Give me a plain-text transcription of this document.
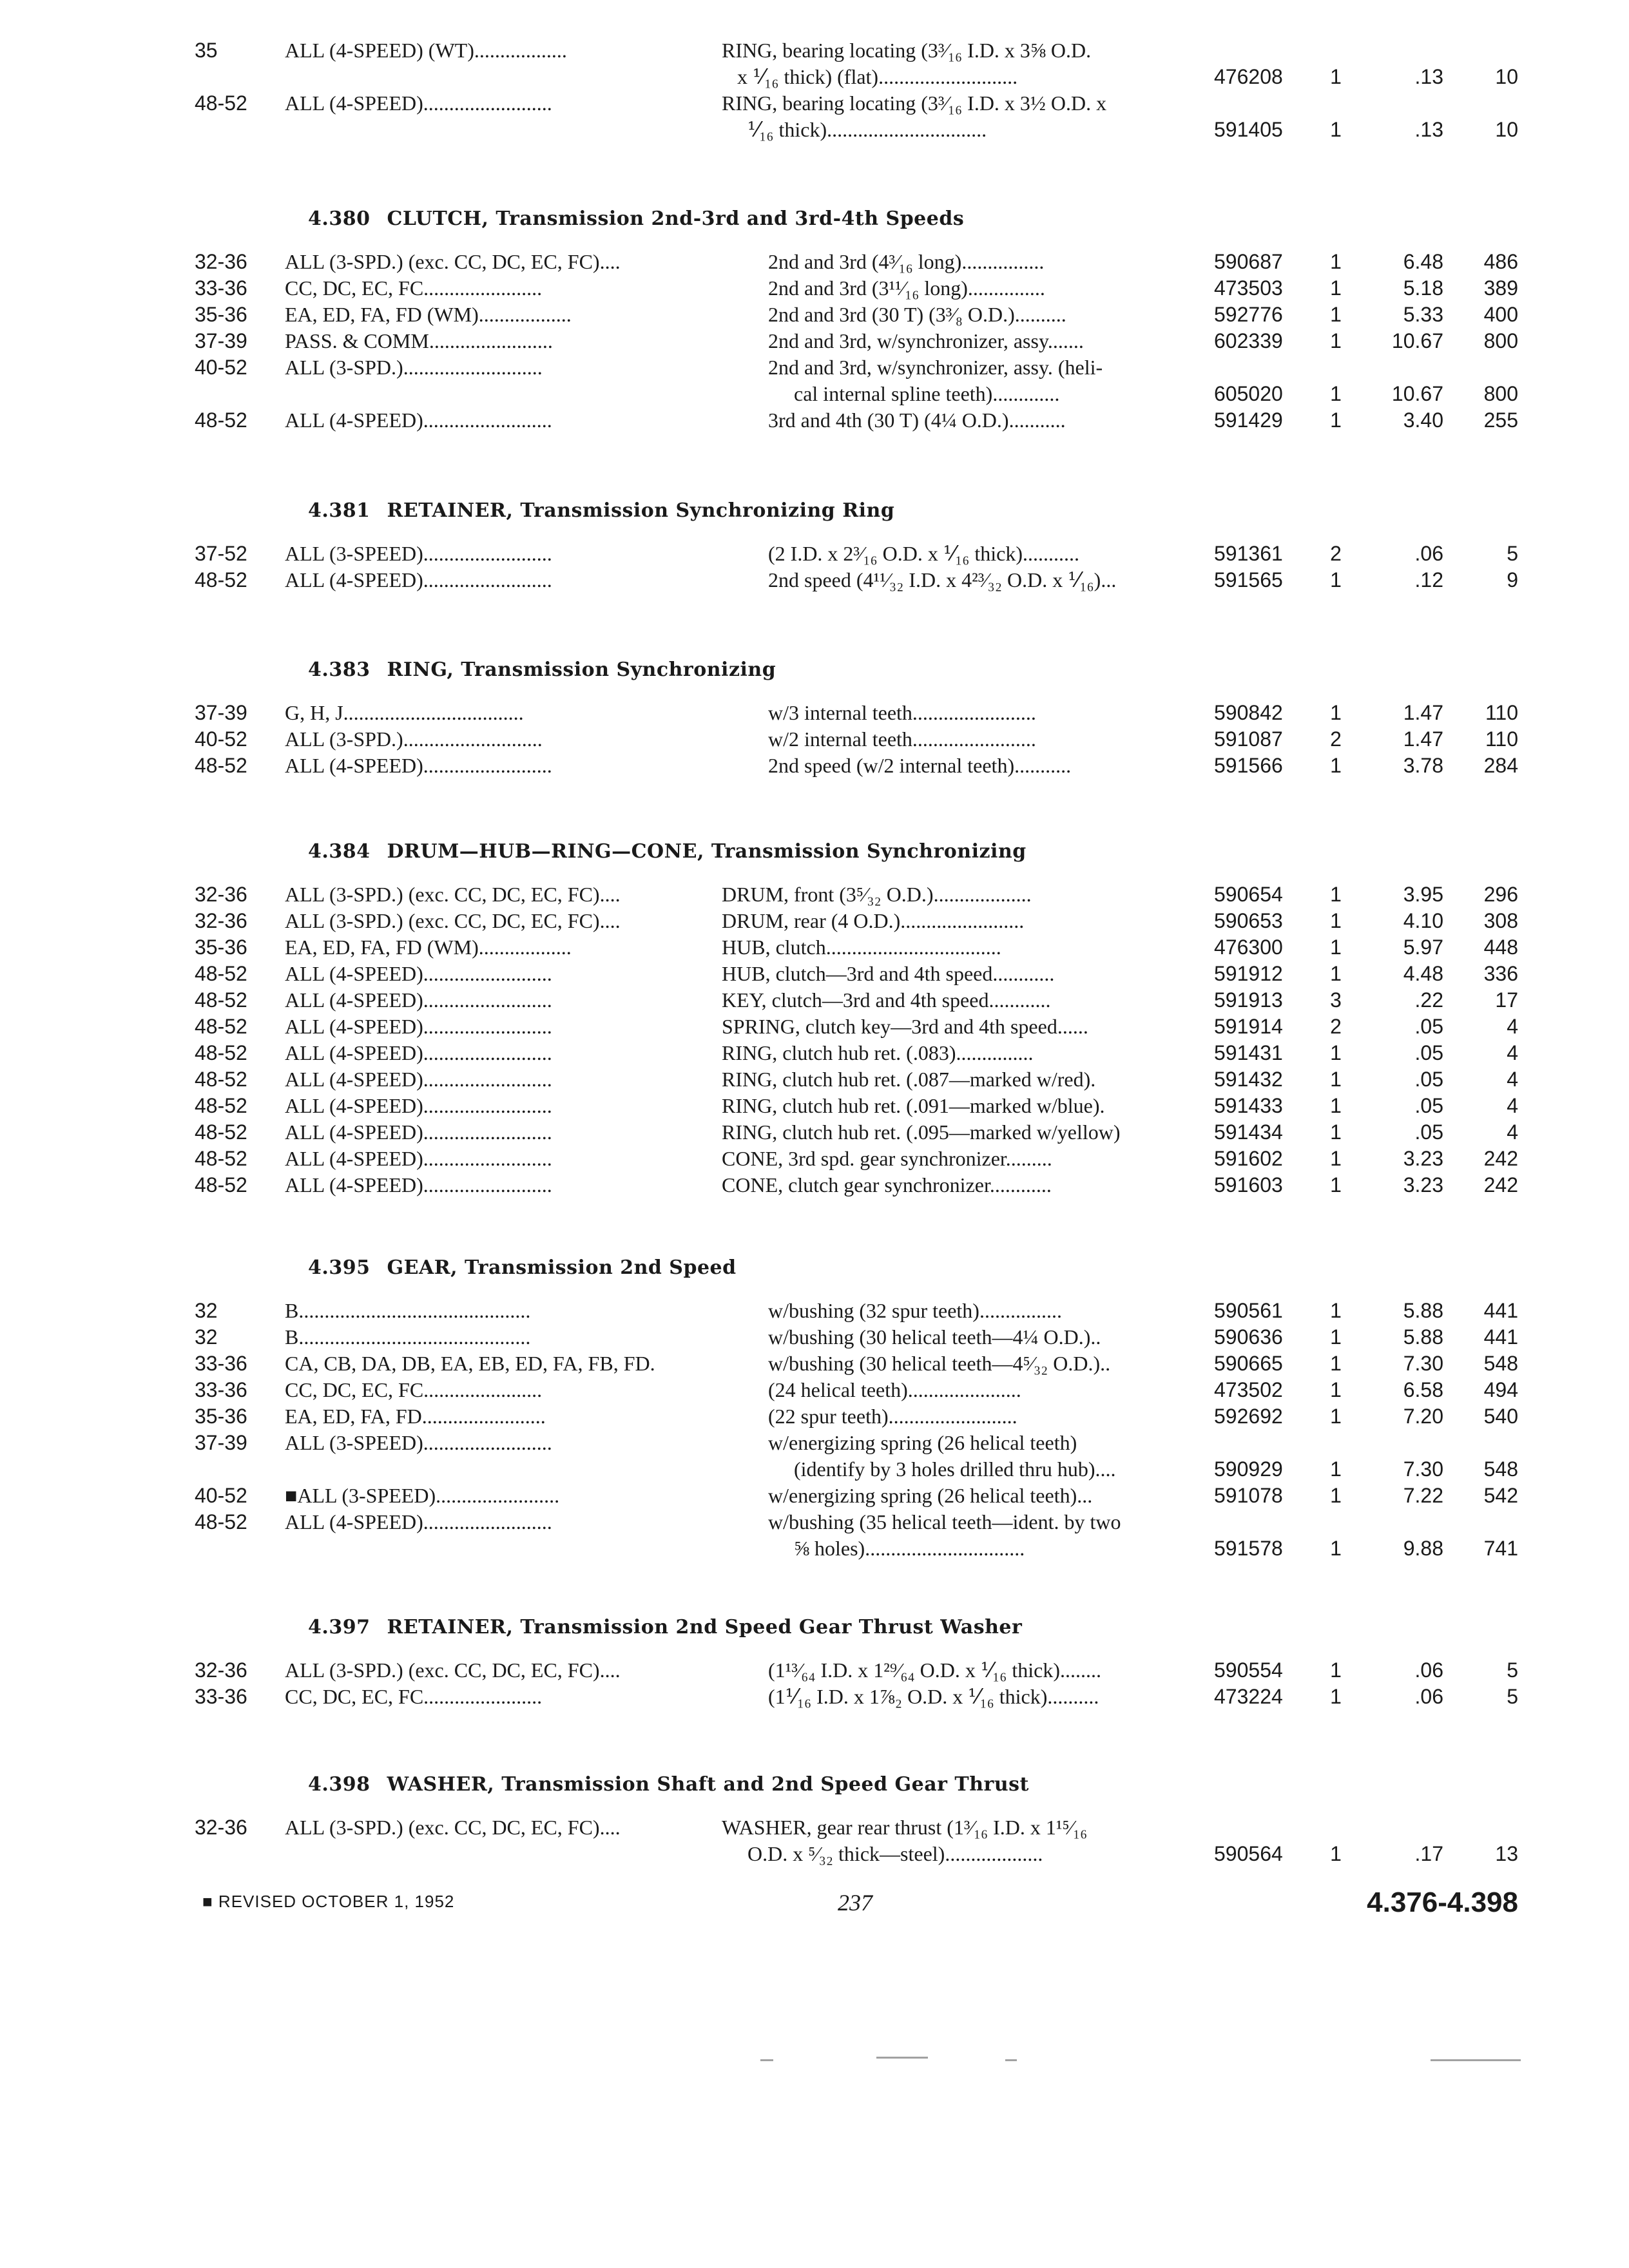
35	ALL (4-SPEED) (WT)..................	RING, bearing locating (3³⁄₁₆ I.D. x 3⅝ O.D.
x ⅟₁₆ thick) (flat)...........................	476208 1	.13	10
48-52 ALL (4-SPEED).........................	RING, bearing locating (3³⁄₁₆ I.D. x 3½ O.D. x
⅟₁₆ thick)...............................	591405 1	.13	10
4.380 CLUTCH, Transmission 2nd-3rd and 3rd-4th Speeds
32-36 ALL (3-SPD.) (exc. CC, DC, EC, FC)....	2nd and 3rd (4³⁄₁₆ long)................	590687 1	6.48	486
33-36 CC, DC, EC, FC.......................	2nd and 3rd (3¹¹⁄₁₆ long)...............	473503 1	5.18	389
35-36 EA, ED, FA, FD (WM)..................	2nd and 3rd (30 T) (3³⁄₈ O.D.)..........	592776 1	5.33	400
37-39 PASS. & COMM........................	2nd and 3rd, w/synchronizer, assy.......	602339 1	10.67	800
40-52 ALL (3-SPD.)...........................	2nd and 3rd, w/synchronizer, assy. (heli-
cal internal spline teeth).............	605020 1	10.67	800
48-52 ALL (4-SPEED).........................	3rd and 4th (30 T) (4¼ O.D.)...........	591429 1	3.40	255
4.381 RETAINER, Transmission Synchronizing Ring
37-52 ALL (3-SPEED).........................	(2 I.D. x 2³⁄₁₆ O.D. x ⅟₁₆ thick)...........	591361 2	.06	5
48-52 ALL (4-SPEED).........................	2nd speed (4¹¹⁄₃₂ I.D. x 4²³⁄₃₂ O.D. x ⅟₁₆)...	591565 1	.12	9
4.383 RING, Transmission Synchronizing
37-39 G, H, J...................................	w/3 internal teeth........................	590842 1	1.47	110
40-52 ALL (3-SPD.)...........................	w/2 internal teeth........................	591087 2	1.47	110
48-52 ALL (4-SPEED).........................	2nd speed (w/2 internal teeth)...........	591566 1	3.78	284
4.384 DRUM—HUB—RING—CONE, Transmission Synchronizing
32-36 ALL (3-SPD.) (exc. CC, DC, EC, FC)....	DRUM, front (3⁵⁄₃₂ O.D.)...................	590654 1	3.95	296
32-36 ALL (3-SPD.) (exc. CC, DC, EC, FC)....	DRUM, rear (4 O.D.)........................	590653 1	4.10	308
35-36 EA, ED, FA, FD (WM)..................	HUB, clutch..................................	476300 1	5.97	448
48-52 ALL (4-SPEED).........................	HUB, clutch—3rd and 4th speed............	591912 1	4.48	336
48-52 ALL (4-SPEED).........................	KEY, clutch—3rd and 4th speed............	591913 3	.22	17
48-52 ALL (4-SPEED).........................	SPRING, clutch key—3rd and 4th speed......	591914 2	.05	4
48-52 ALL (4-SPEED).........................	RING, clutch hub ret. (.083)...............	591431 1	.05	4
48-52 ALL (4-SPEED).........................	RING, clutch hub ret. (.087—marked w/red).	591432 1	.05	4
48-52 ALL (4-SPEED).........................	RING, clutch hub ret. (.091—marked w/blue).	591433 1	.05	4
48-52 ALL (4-SPEED).........................	RING, clutch hub ret. (.095—marked w/yellow)	591434 1	.05	4
48-52 ALL (4-SPEED).........................	CONE, 3rd spd. gear synchronizer.........	591602 1	3.23	242
48-52 ALL (4-SPEED).........................	CONE, clutch gear synchronizer............	591603 1	3.23	242
4.395 GEAR, Transmission 2nd Speed
32	B.............................................	w/bushing (32 spur teeth)................	590561 1	5.88	441
32	B.............................................	w/bushing (30 helical teeth—4¼ O.D.)..	590636 1	5.88	441
33-36 CA, CB, DA, DB, EA, EB, ED, FA, FB, FD.	w/bushing (30 helical teeth—4⁵⁄₃₂ O.D.)..	590665 1	7.30	548
33-36 CC, DC, EC, FC.......................	(24 helical teeth)......................	473502 1	6.58	494
35-36 EA, ED, FA, FD........................	(22 spur teeth).........................	592692 1	7.20	540
37-39 ALL (3-SPEED).........................	w/energizing spring (26 helical teeth)
(identify by 3 holes drilled thru hub)....	590929 1	7.30	548
40-52 ■ALL (3-SPEED)........................	w/energizing spring (26 helical teeth)...	591078 1	7.22	542
48-52 ALL (4-SPEED).........................	w/bushing (35 helical teeth—ident. by two
⅝ holes)...............................	591578 1	9.88	741
4.397 RETAINER, Transmission 2nd Speed Gear Thrust Washer
32-36 ALL (3-SPD.) (exc. CC, DC, EC, FC)....	(1¹³⁄₆₄ I.D. x 1²⁹⁄₆₄ O.D. x ⅟₁₆ thick)........	590554 1	.06	5
33-36 CC, DC, EC, FC.......................	(1⅟₁₆ I.D. x 1⅞₂ O.D. x ⅟₁₆ thick)..........	473224 1	.06	5
4.398 WASHER, Transmission Shaft and 2nd Speed Gear Thrust
32-36 ALL (3-SPD.) (exc. CC, DC, EC, FC)....	WASHER, gear rear thrust (1³⁄₁₆ I.D. x 1¹⁵⁄₁₆
O.D. x ⁵⁄₃₂ thick—steel)...................	590564 1	.17	13
■ REVISED OCTOBER 1, 1952	237	4.376-4.398
